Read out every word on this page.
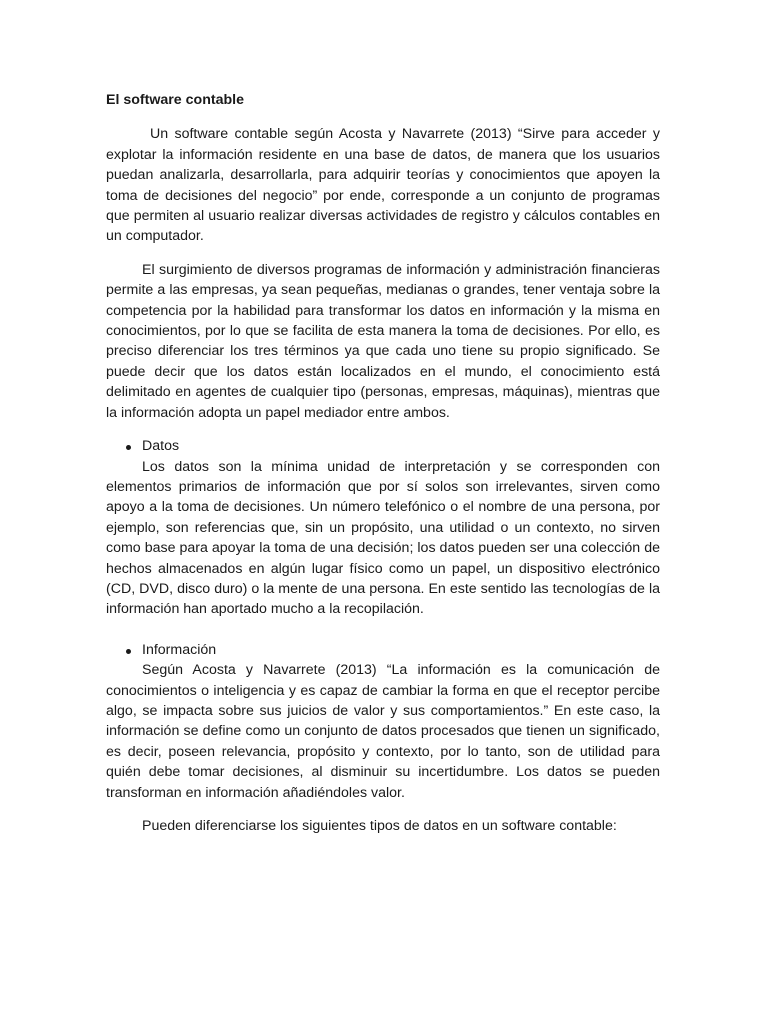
El software contable

Un software contable según Acosta y Navarrete (2013) “Sirve para acceder y explotar la información residente en una base de datos, de manera que los usuarios puedan analizarla, desarrollarla, para adquirir teorías y conocimientos que apoyen la toma de decisiones del negocio” por ende, corresponde a un conjunto de programas que permiten al usuario realizar diversas actividades de registro y cálculos contables en un computador.

El surgimiento de diversos programas de información y administración financieras permite a las empresas, ya sean pequeñas, medianas o grandes, tener ventaja sobre la competencia por la habilidad para transformar los datos en información y la misma en conocimientos, por lo que se facilita de esta manera la toma de decisiones. Por ello, es preciso diferenciar los tres términos ya que cada uno tiene su propio significado. Se puede decir que los datos están localizados en el mundo, el conocimiento está delimitado en agentes de cualquier tipo (personas, empresas, máquinas), mientras que la información adopta un papel mediador entre ambos.

Datos

Los datos son la mínima unidad de interpretación y se corresponden con elementos primarios de información que por sí solos son irrelevantes, sirven como apoyo a la toma de decisiones. Un número telefónico o el nombre de una persona, por ejemplo, son referencias que, sin un propósito, una utilidad o un contexto, no sirven como base para apoyar la toma de una decisión; los datos pueden ser una colección de hechos almacenados en algún lugar físico como un papel, un dispositivo electrónico (CD, DVD, disco duro) o la mente de una persona. En este sentido las tecnologías de la información han aportado mucho a la recopilación.

Información

Según Acosta y Navarrete (2013) “La información es la comunicación de conocimientos o inteligencia y es capaz de cambiar la forma en que el receptor percibe algo, se impacta sobre sus juicios de valor y sus comportamientos.” En este caso, la información se define como un conjunto de datos procesados que tienen un significado, es decir, poseen relevancia, propósito y contexto, por lo tanto, son de utilidad para quién debe tomar decisiones, al disminuir su incertidumbre. Los datos se pueden transforman en información añadiéndoles valor.

Pueden diferenciarse los siguientes tipos de datos en un software contable:
